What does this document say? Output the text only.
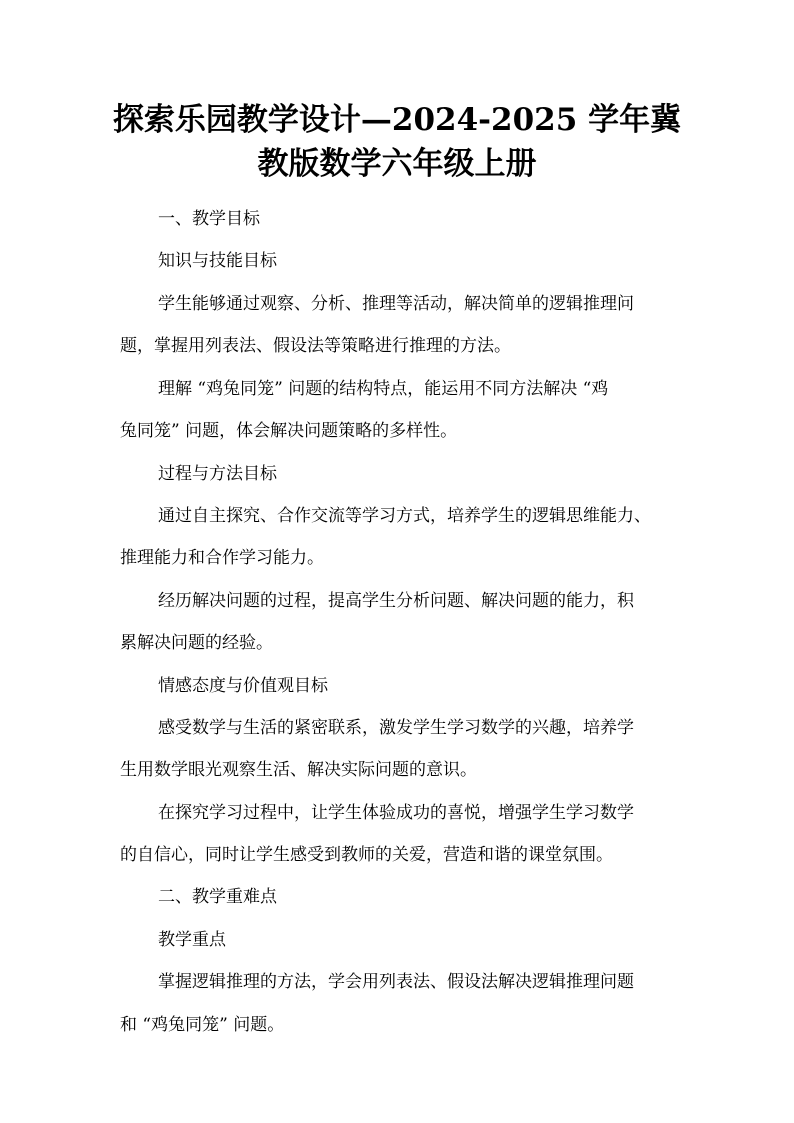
探索乐园教学设计—2024-2025 学年冀
教版数学六年级上册

一、教学目标

知识与技能目标

学生能够通过观察、分析、推理等活动，解决简单的逻辑推理问

题，掌握用列表法、假设法等策略进行推理的方法。

理解 “鸡兔同笼” 问题的结构特点，能运用不同方法解决 “鸡

兔同笼” 问题，体会解决问题策略的多样性。

过程与方法目标

通过自主探究、合作交流等学习方式，培养学生的逻辑思维能力、

推理能力和合作学习能力。

经历解决问题的过程，提高学生分析问题、解决问题的能力，积

累解决问题的经验。

情感态度与价值观目标

感受数学与生活的紧密联系，激发学生学习数学的兴趣，培养学

生用数学眼光观察生活、解决实际问题的意识。

在探究学习过程中，让学生体验成功的喜悦，增强学生学习数学

的自信心，同时让学生感受到教师的关爱，营造和谐的课堂氛围。

二、教学重难点

教学重点

掌握逻辑推理的方法，学会用列表法、假设法解决逻辑推理问题

和 “鸡兔同笼” 问题。
